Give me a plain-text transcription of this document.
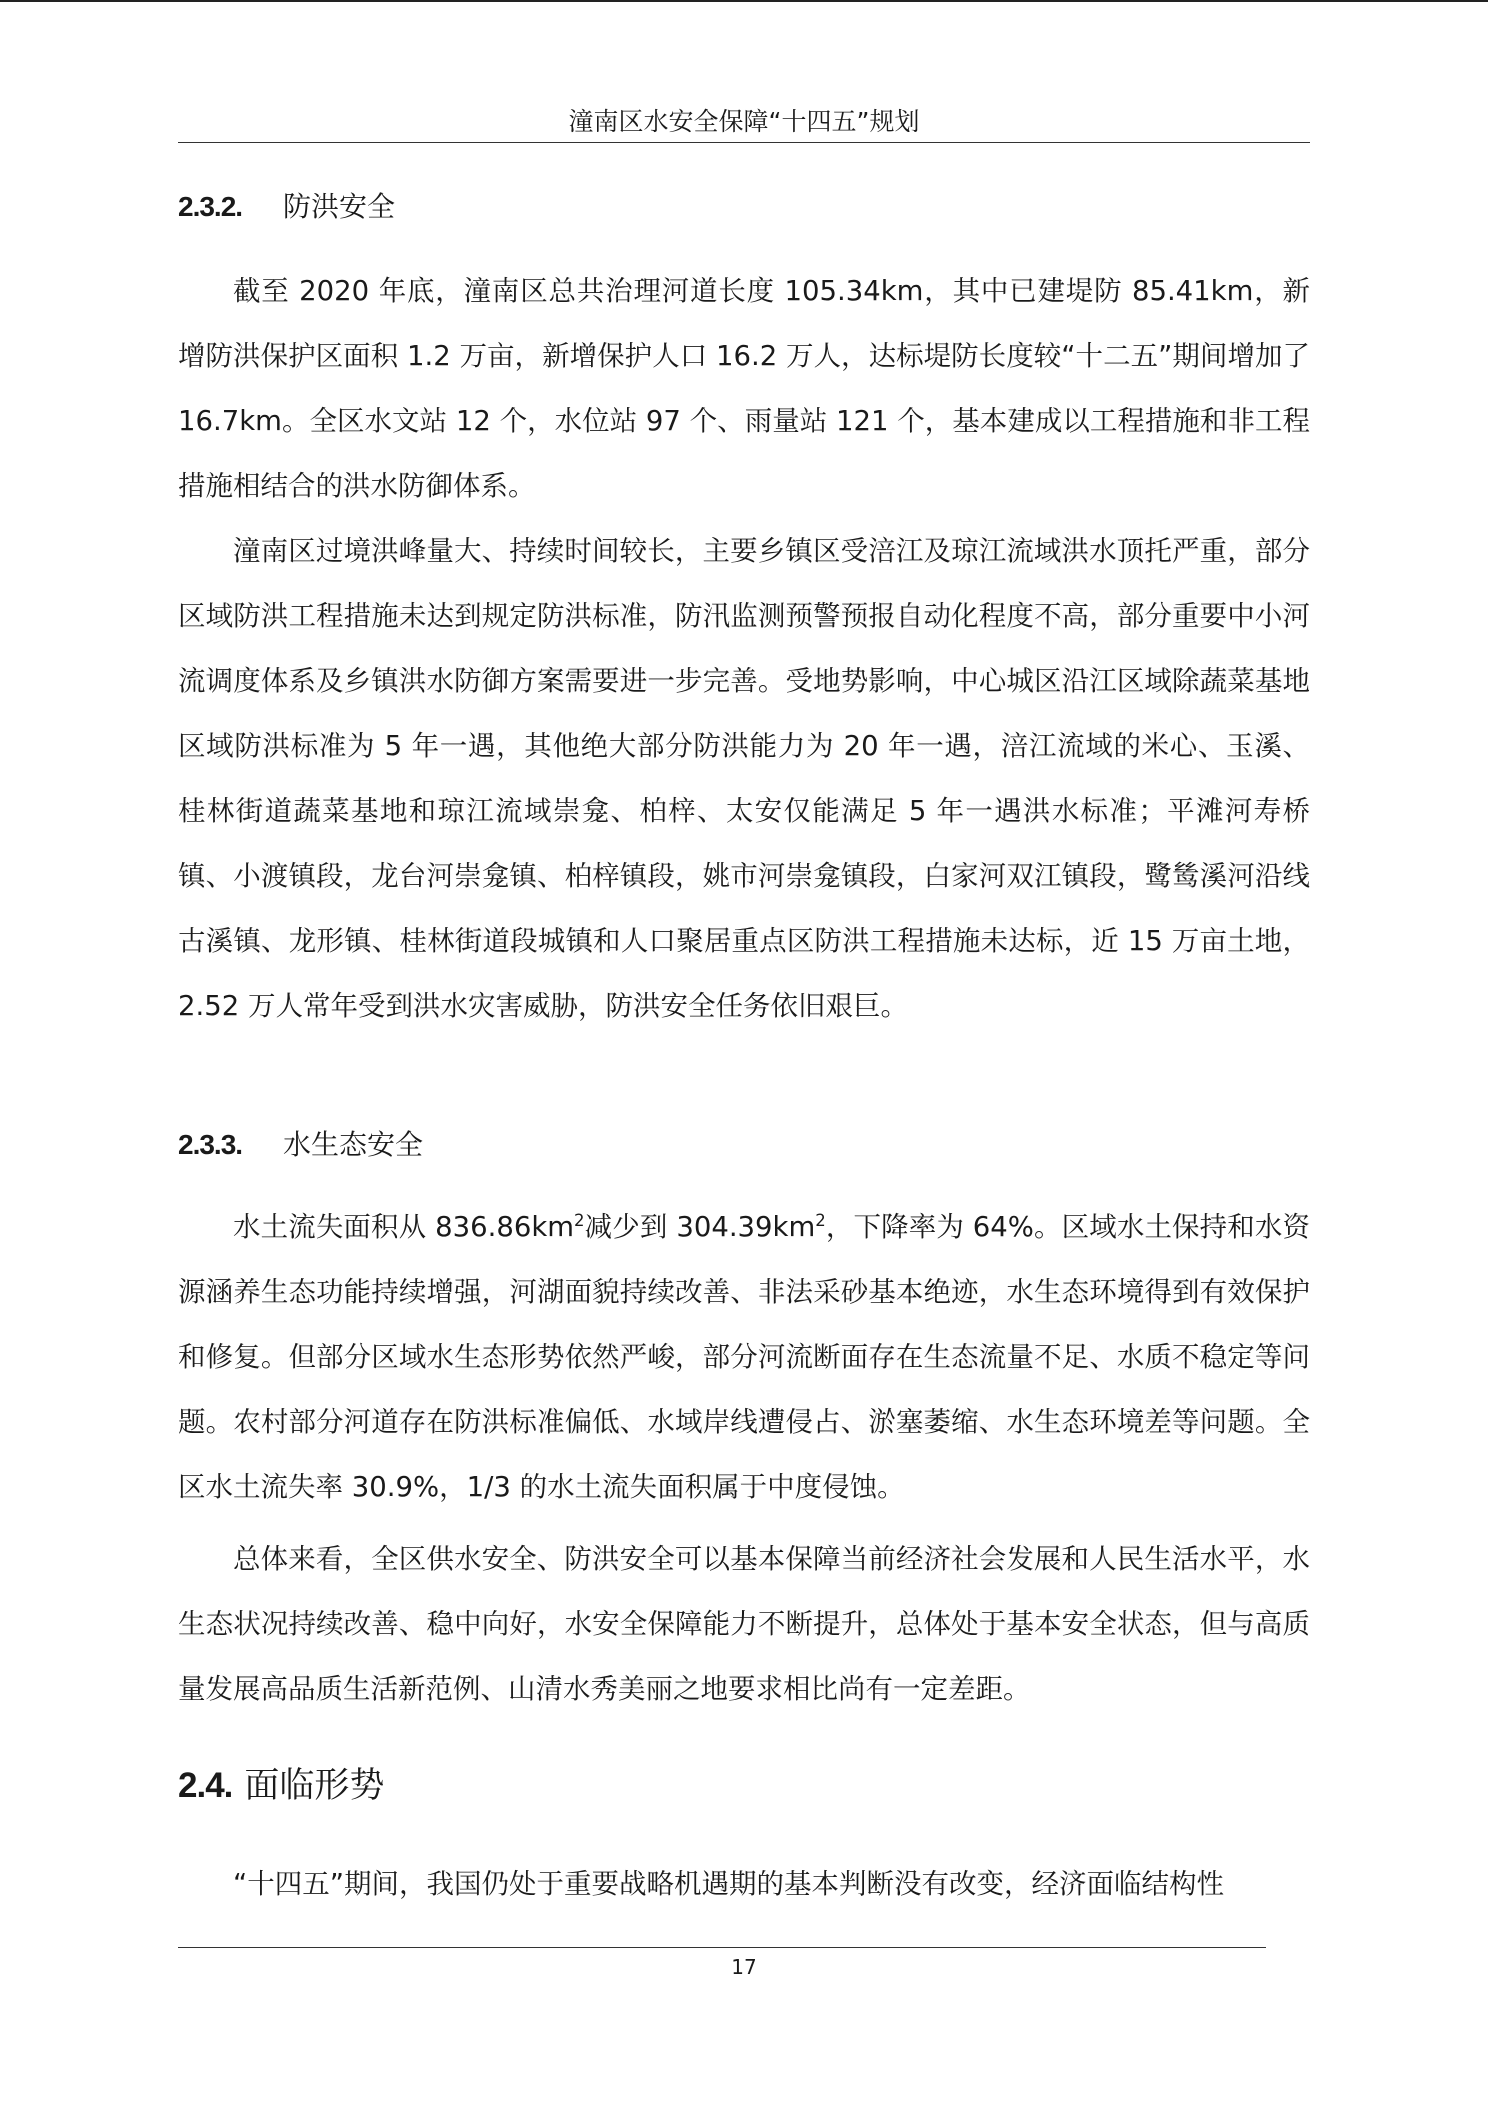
潼南区水安全保障“十四五”规划
2.3.2. 防洪安全

截至 2020 年底，潼南区总共治理河道长度 105.34km，其中已建堤防 85.41km，新增防洪保护区面积 1.2 万亩，新增保护人口 16.2 万人，达标堤防长度较“十二五”期间增加了 16.7km。全区水文站 12 个，水位站 97 个、雨量站 121 个，基本建成以工程措施和非工程措施相结合的洪水防御体系。

潼南区过境洪峰量大、持续时间较长，主要乡镇区受涪江及琼江流域洪水顶托严重，部分区域防洪工程措施未达到规定防洪标准，防汛监测预警预报自动化程度不高，部分重要中小河流调度体系及乡镇洪水防御方案需要进一步完善。受地势影响，中心城区沿江区域除蔬菜基地区域防洪标准为 5 年一遇，其他绝大部分防洪能力为 20 年一遇，涪江流域的米心、玉溪、桂林街道蔬菜基地和琼江流域崇龛、柏梓、太安仅能满足 5 年一遇洪水标准；平滩河寿桥镇、小渡镇段，龙台河崇龛镇、柏梓镇段，姚市河崇龛镇段，白家河双江镇段，鹭鸶溪河沿线古溪镇、龙形镇、桂林街道段城镇和人口聚居重点区防洪工程措施未达标，近 15 万亩土地，2.52 万人常年受到洪水灾害威胁，防洪安全任务依旧艰巨。

2.3.3. 水生态安全

水土流失面积从 $836.86km^2$减少到 $304.39km^2$，下降率为 64%。区域水土保持和水资源涵养生态功能持续增强，河湖面貌持续改善、非法采砂基本绝迹，水生态环境得到有效保护和修复。但部分区域水生态形势依然严峻，部分河流断面存在生态流量不足、水质不稳定等问题。农村部分河道存在防洪标准偏低、水域岸线遭侵占、淤塞萎缩、水生态环境差等问题。全区水土流失率 30.9%，1/3 的水土流失面积属于中度侵蚀。

总体来看，全区供水安全、防洪安全可以基本保障当前经济社会发展和人民生活水平，水生态状况持续改善、稳中向好，水安全保障能力不断提升，总体处于基本安全状态，但与高质量发展高品质生活新范例、山清水秀美丽之地要求相比尚有一定差距。

2.4. 面临形势

“十四五”期间，我国仍处于重要战略机遇期的基本判断没有改变，经济面临结构性

17
